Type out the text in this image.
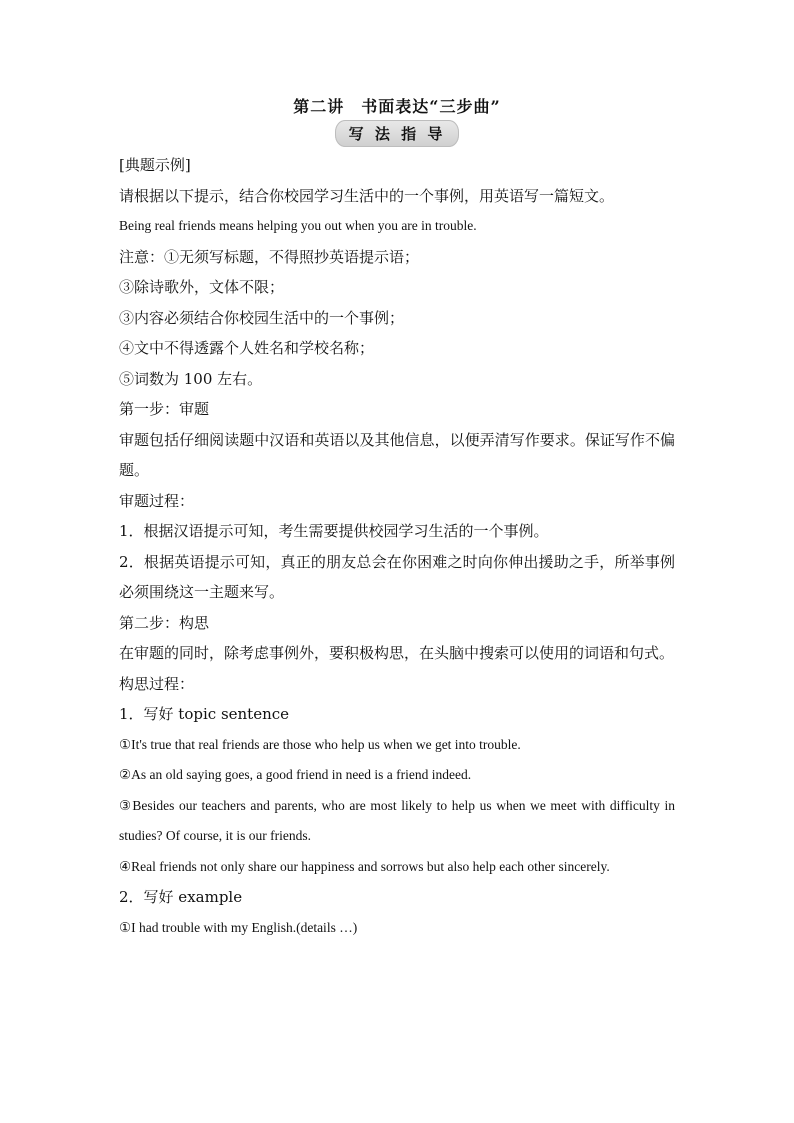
第二讲　书面表达“三步曲”
写 法 指 导
[典题示例]
请根据以下提示，结合你校园学习生活中的一个事例，用英语写一篇短文。
Being real friends means helping you out when you are in trouble.
注意：①无须写标题，不得照抄英语提示语；
③除诗歌外，文体不限；
③内容必须结合你校园生活中的一个事例；
④文中不得透露个人姓名和学校名称；
⑤词数为 100 左右。
第一步：审题
审题包括仔细阅读题中汉语和英语以及其他信息，以便弄清写作要求。保证写作不偏题。
审题过程：
1．根据汉语提示可知，考生需要提供校园学习生活的一个事例。
2．根据英语提示可知，真正的朋友总会在你困难之时向你伸出援助之手，所举事例必须围绕这一主题来写。
第二步：构思
在审题的同时，除考虑事例外，要积极构思，在头脑中搜索可以使用的词语和句式。
构思过程：
1．写好 topic sentence
①It's true that real friends are those who help us when we get into trouble.
②As an old saying goes, a good friend in need is a friend indeed.
③Besides our teachers and parents, who are most likely to help us when we meet with difficulty in studies? Of course, it is our friends.
④Real friends not only share our happiness and sorrows but also help each other sincerely.
2．写好 example
①I had trouble with my English.(details …)
